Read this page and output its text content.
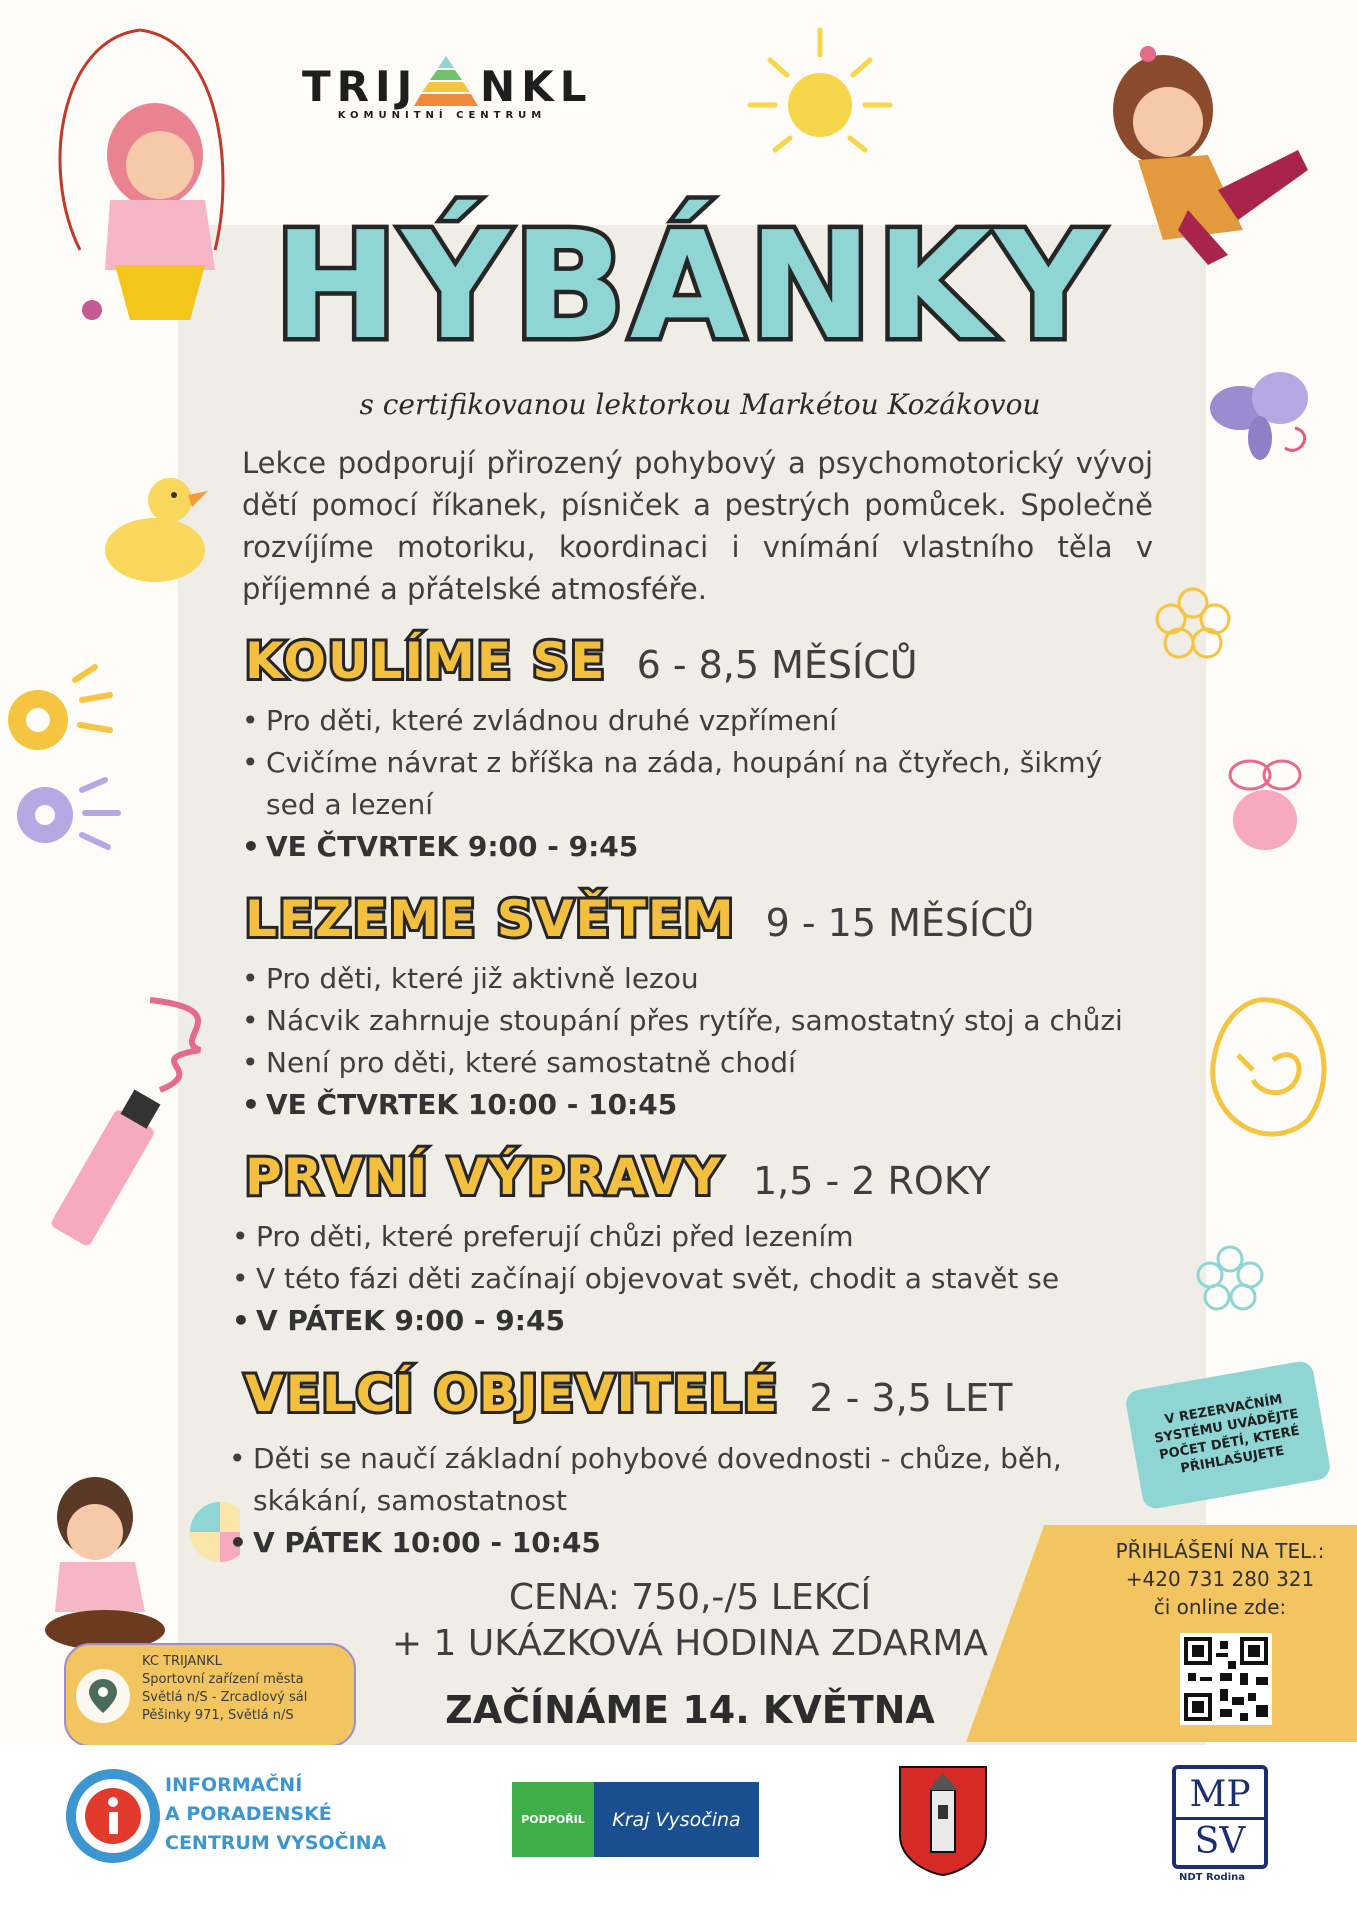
TRIJ NKL
KOMUNITNÍ CENTRUM
HÝBÁNKY
s certifikovanou lektorkou Markétou Kozákovou
Lekce podporují přirozený pohybový a psychomotorický vývoj dětí pomocí říkanek, písniček a pestrých pomůcek. Společně rozvíjíme motoriku, koordinaci i vnímání vlastního těla v příjemné a přátelské atmosféře.
KOULÍME SE 6 - 8,5 MĚSÍCŮ
• Pro děti, které zvládnou druhé vzpřímení
• Cvičíme návrat z bříška na záda, houpání na čtyřech, šikmý sed a lezení
• VE ČTVRTEK 9:00 - 9:45
LEZEME SVĚTEM 9 - 15 MĚSÍCŮ
• Pro děti, které již aktivně lezou
• Nácvik zahrnuje stoupání přes rytíře, samostatný stoj a chůzi
• Není pro děti, které samostatně chodí
• VE ČTVRTEK 10:00 - 10:45
PRVNÍ VÝPRAVY 1,5 - 2 ROKY
• Pro děti, které preferují chůzi před lezením
• V této fázi děti začínají objevovat svět, chodit a stavět se
• V PÁTEK 9:00 - 9:45
VELCÍ OBJEVITELÉ 2 - 3,5 LET
• Děti se naučí základní pohybové dovednosti - chůze, běh, skákání, samostatnost
• V PÁTEK 10:00 - 10:45
V REZERVAČNÍM SYSTÉMU UVÁDĚJTE POČET DĚTÍ, KTERÉ PŘIHLAŠUJETE
CENA: 750,-/5 LEKCÍ
+ 1 UKÁZKOVÁ HODINA ZDARMA
ZAČÍNÁME 14. KVĚTNA
KC TRIJANKL
Sportovní zařízení města
Světlá n/S - Zrcadlový sál
Pěšinky 971, Světlá n/S
PŘIHLÁŠENÍ NA TEL.:
+420 731 280 321
či online zde:
INFORMAČNÍ
A PORADENSKÉ
CENTRUM VYSOČINA
PODPOŘIL	Kraj Vysočina
MP
SV
NDT Rodina
